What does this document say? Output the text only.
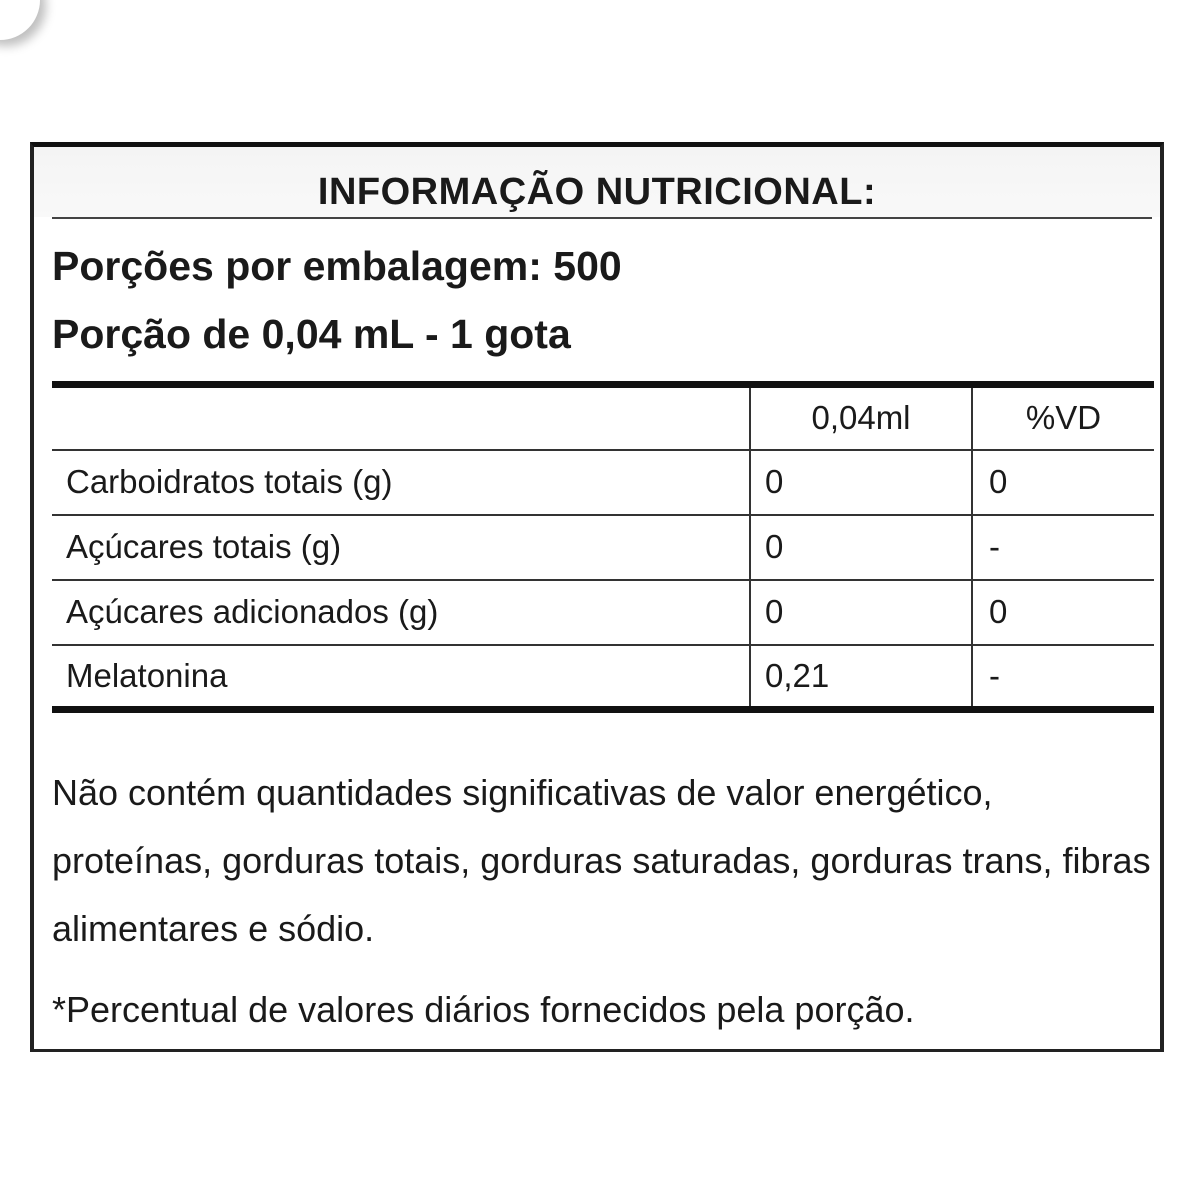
INFORMAÇÃO NUTRICIONAL:
Porções por embalagem: 500
Porção de 0,04 mL - 1 gota
	0,04ml	%VD
Carboidratos totais (g)	0	0
Açúcares totais (g)	0	-
Açúcares adicionados (g)	0	0
Melatonina	0,21	-
Não contém quantidades significativas de valor energético, proteínas, gorduras totais, gorduras saturadas, gorduras trans, fibras alimentares e sódio.
*Percentual de valores diários fornecidos pela porção.
